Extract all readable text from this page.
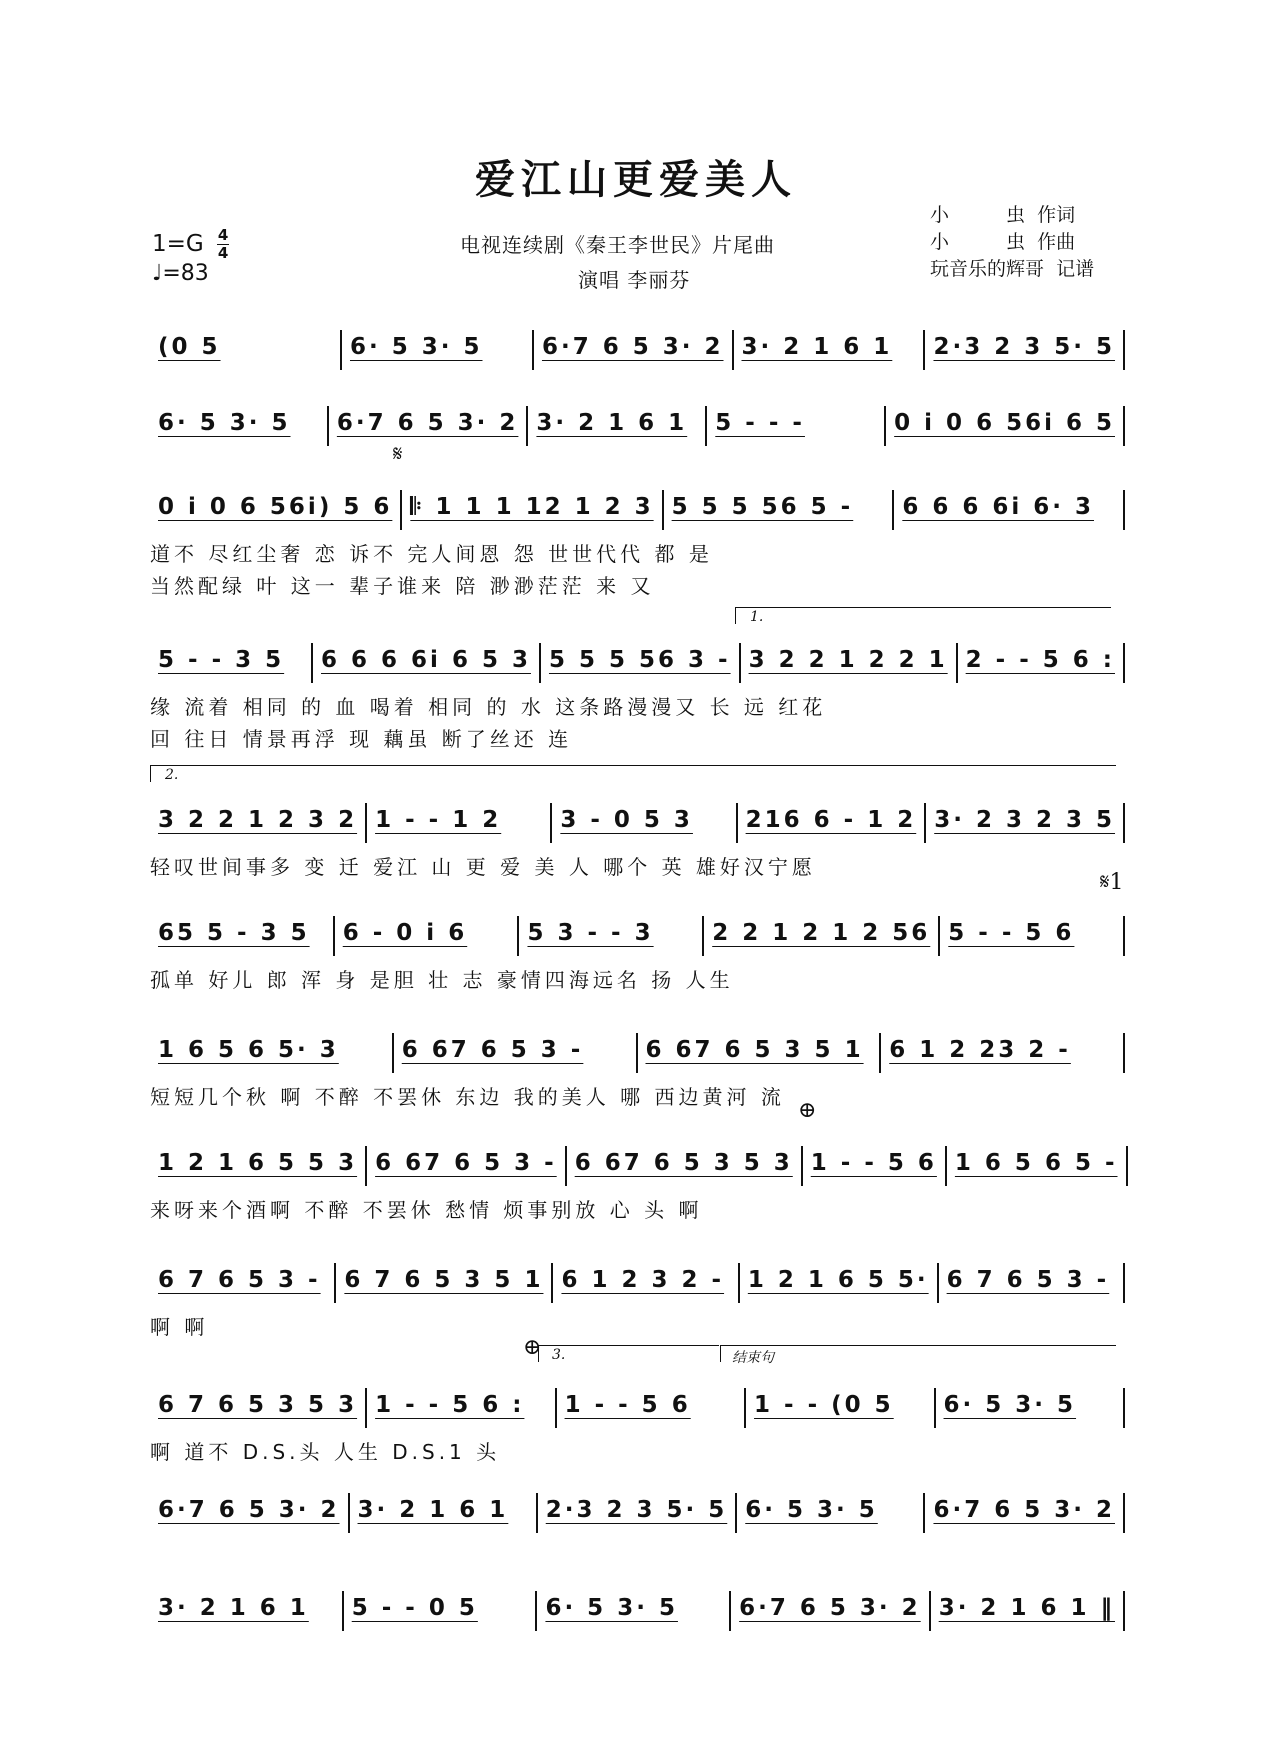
爱江山更爱美人
$1=G \frac{4}{4}$
♩=83
电视连续剧《秦王李世民》片尾曲
演唱 李丽芬
小　　　虫  作词
小　　　虫  作曲
玩音乐的辉哥  记谱
(0 5	6· 5 3· 5	6·7 6 5 3· 2 3· 2 1 6 1	2·3 2 3 5· 5
6· 5 3· 5	6·7 6 5 3· 2 3· 2 1 6 1	5 - - -	0 i 0 6 56i 6 5
0 i 0 6 56i) 5 6 𝄆 1 1 1 12 1 2 3 5 5 5 56 5 -	6 6 6 6i 6· 3
道不 尽红尘奢 恋 诉不 完人间恩 怨 世世代代 都 是
当然配绿 叶 这一 辈子谁来 陪 渺渺茫茫 来 又
5 - - 3 5	6 6 6 6i 6 5 3 5 5 5 56 3 - 3 2 2 1 2 2 1 2 - - 5 6 :
缘 流着 相同 的 血 喝着 相同 的 水 这条路漫漫又 长 远 红花
回 往日 情景再浮 现 藕虽 断了丝还 连
3 2 2 1 2 3 2 1 - - 1 2	3 - 0 5 3	216 6 - 1 2 3· 2 3 2 3 5
轻叹世间事多 变 迁 爱江 山 更 爱 美 人 哪个 英 雄好汉宁愿
65 5 - 3 5	6 - 0 i 6	5 3 - - 3	2 2 1 2 1 2 56 5 - - 5 6
孤单 好儿 郎 浑 身 是胆 壮 志 豪情四海远名 扬 人生
1 6 5 6 5· 3	6 67 6 5 3 -	6 67 6 5 3 5 1	6 1 2 23 2 -
短短几个秋 啊 不醉 不罢休 东边 我的美人 哪 西边黄河 流
1 2 1 6 5 5 3 6 67 6 5 3 - 6 67 6 5 3 5 3 1 - - 5 6 1 6 5 6 5 -
来呀来个酒啊 不醉 不罢休 愁情 烦事别放 心 头 啊
6 7 6 5 3 -	6 7 6 5 3 5 1 6 1 2 3 2 -	1 2 1 6 5 5· 6 7 6 5 3 -
啊 啊
6 7 6 5 3 5 3 1 - - 5 6 :	1 - - 5 6	1 - - (0 5	6· 5 3· 5
啊 道不 D.S.头 人生 D.S.1 头
6·7 6 5 3· 2 3· 2 1 6 1	2·3 2 3 5· 5 6· 5 3· 5	6·7 6 5 3· 2
3· 2 1 6 1	5 - - 0 5	6· 5 3· 5	6·7 6 5 3· 2 3· 2 1 6 1 ‖
𝄋
𝄋1
⊕
⊕
1.
2.
3.	结束句
